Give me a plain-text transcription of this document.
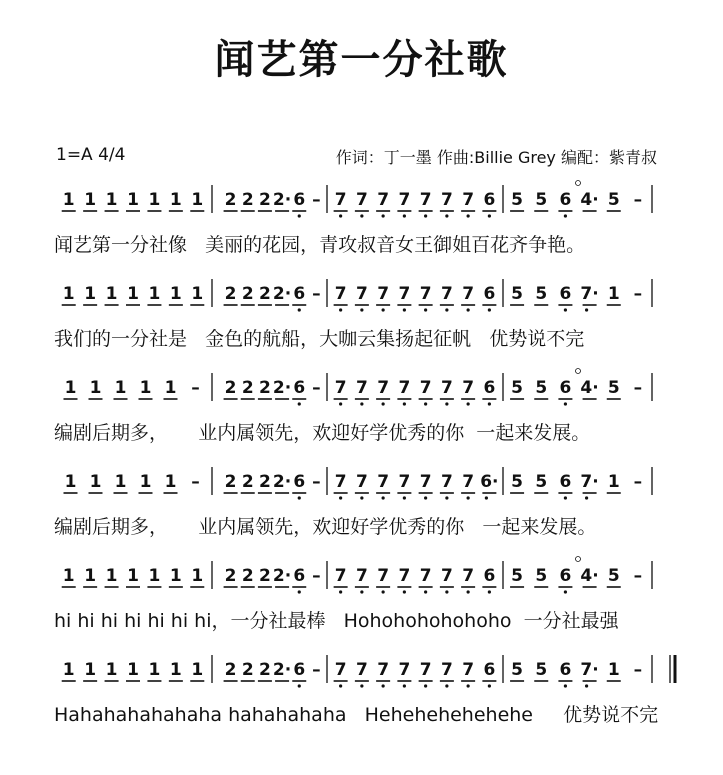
闻艺第一分社歌
1=A 4/4	作词：丁一墨 作曲:Billie Grey 编配：紫青叔
1 1 1 1 1 1 1 2 2 2 2· 6 – 7 7 7 7 7 7 7 6 5 5 6 4· 5 –
1 1 1 1 1 1 1 2 2 2 2· 6 – 7 7 7 7 7 7 7 6 5 5 6 7· 1 –
1 1 1 1 1 – 2 2 2 2· 6 – 7 7 7 7 7 7 7 6 5 5 6 4· 5 –
1 1 1 1 1 – 2 2 2 2· 6 – 7 7 7 7 7 7 7 6· 5 5 6 7· 1 –
1 1 1 1 1 1 1 2 2 2 2· 6 – 7 7 7 7 7 7 7 6 5 5 6 4· 5 –
1 1 1 1 1 1 1 2 2 2 2· 6 – 7 7 7 7 7 7 7 6 5 5 6 7· 1 –
闻艺第一分社像   美丽的花园，青攻叔音女王御姐百花齐争艳。
我们的一分社是   金色的航船，大咖云集扬起征帆   优势说不完
编剧后期多，     业内属领先，欢迎好学优秀的你  一起来发展。
编剧后期多，     业内属领先，欢迎好学优秀的你   一起来发展。
hi hi hi hi hi hi hi，一分社最棒   Hohohohohohoho  一分社最强
Hahahahahahaha hahahahaha   Hehehehehehehe     优势说不完
